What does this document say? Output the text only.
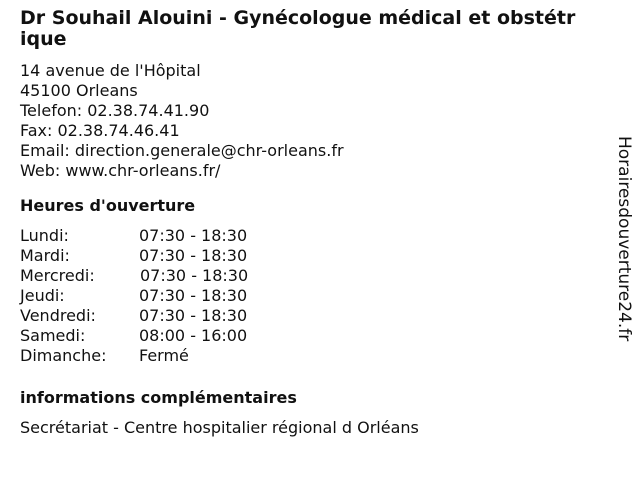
Dr Souhail Alouini - Gynécologue médical et obstétrique
14 avenue de l'Hôpital
45100 Orleans
Telefon: 02.38.74.41.90
Fax: 02.38.74.46.41
Email: direction.generale@chr-orleans.fr
Web: www.chr-orleans.fr/
Heures d'ouverture
Lundi:	07:30 - 18:30
Mardi:	07:30 - 18:30
Mercredi:	07:30 - 18:30
Jeudi:	07:30 - 18:30
Vendredi:	07:30 - 18:30
Samedi:	08:00 - 16:00
Dimanche:	Fermé
informations complémentaires
Secrétariat - Centre hospitalier régional d Orléans
Horairesdouverture24.fr
